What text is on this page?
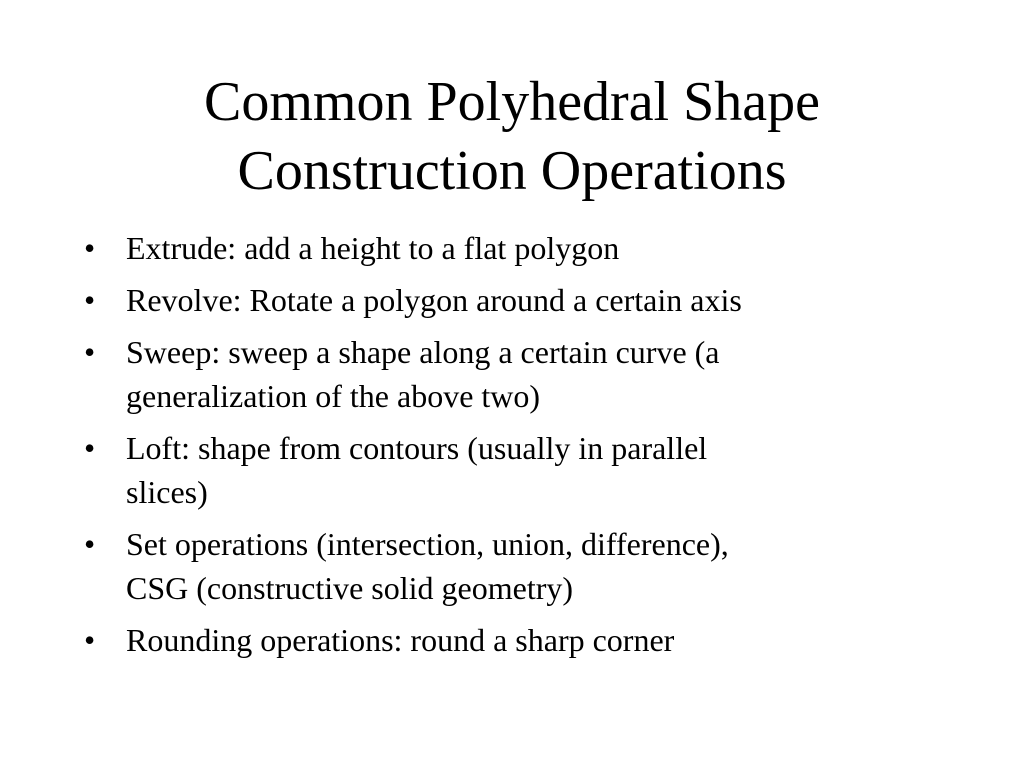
Common Polyhedral Shape
Construction Operations
• Extrude: add a height to a flat polygon
• Revolve: Rotate a polygon around a certain axis
• Sweep: sweep a shape along a certain curve (a
generalization of the above two)
• Loft: shape from contours (usually in parallel
slices)
• Set operations (intersection, union, difference),
CSG (constructive solid geometry)
• Rounding operations: round a sharp corner
